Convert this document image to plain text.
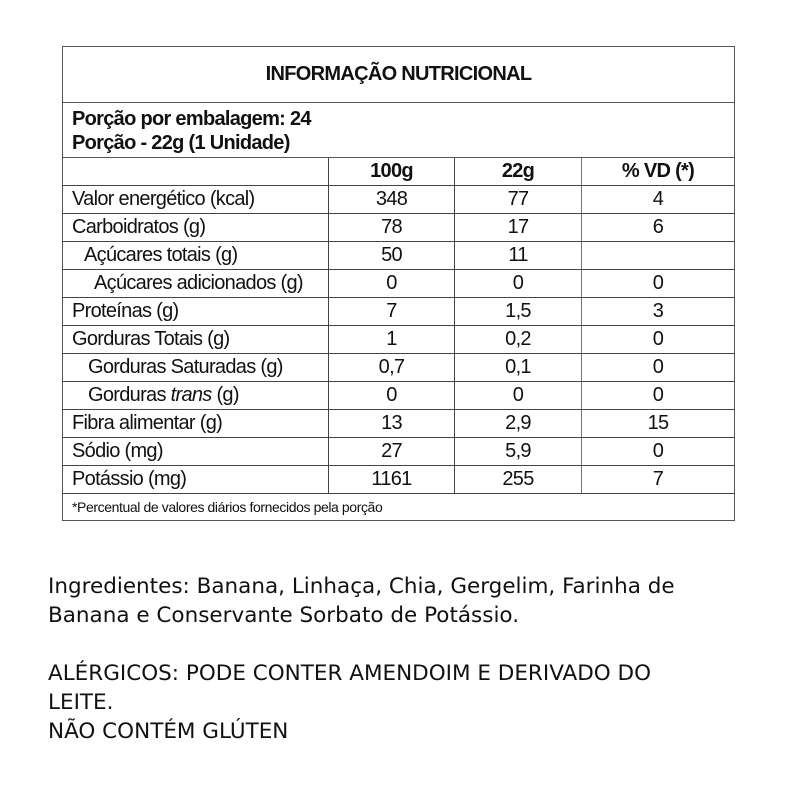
INFORMAÇÃO NUTRICIONAL
Porção por embalagem: 24
Porção - 22g (1 Unidade)
100g	22g	% VD (*)
Valor energético (kcal)	348	77	4
Carboidratos (g)	78	17	6
Açúcares totais (g)	50	11
Açúcares adicionados (g)	0	0	0
Proteínas (g)	7	1,5	3
Gorduras Totais (g)	1	0,2	0
Gorduras Saturadas (g)	0,7	0,1	0
Gorduras trans (g)	0	0	0
Fibra alimentar (g)	13	2,9	15
Sódio (mg)	27	5,9	0
Potássio (mg)	1161	255	7
*Percentual de valores diários fornecidos pela porção
Ingredientes: Banana, Linhaça, Chia, Gergelim, Farinha de
Banana e Conservante Sorbato de Potássio.
ALÉRGICOS: PODE CONTER AMENDOIM E DERIVADO DO
LEITE.
NÃO CONTÉM GLÚTEN
